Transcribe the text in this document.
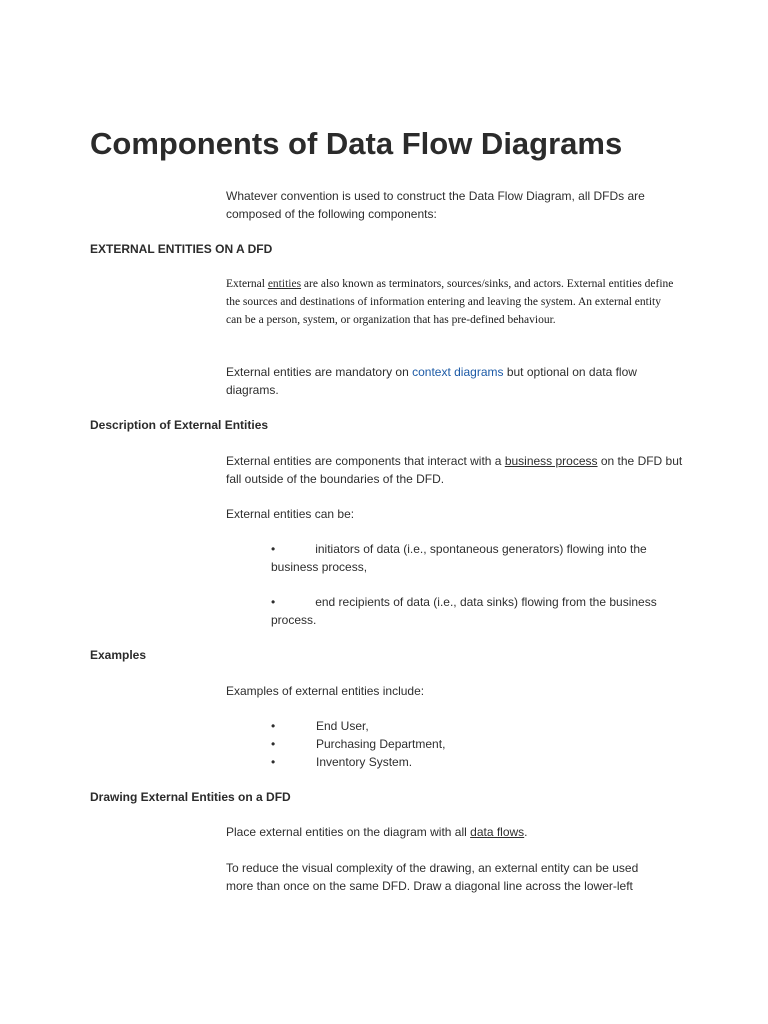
Components of Data Flow Diagrams

Whatever convention is used to construct the Data Flow Diagram, all DFDs are composed of the following components:

EXTERNAL ENTITIES ON A DFD

External entities are also known as terminators, sources/sinks, and actors. External entities define the sources and destinations of information entering and leaving the system. An external entity can be a person, system, or organization that has pre-defined behaviour.

External entities are mandatory on context diagrams but optional on data flow diagrams.

Description of External Entities

External entities are components that interact with a business process on the DFD but fall outside of the boundaries of the DFD.

External entities can be:

•	initiators of data (i.e., spontaneous generators) flowing into the
business process,
•	end recipients of data (i.e., data sinks) flowing from the business
process.
Examples

Examples of external entities include:

•	End User,
•	Purchasing Department,
•	Inventory System.
Drawing External Entities on a DFD

Place external entities on the diagram with all data flows.

To reduce the visual complexity of the drawing, an external entity can be used more than once on the same DFD. Draw a diagonal line across the lower-left
